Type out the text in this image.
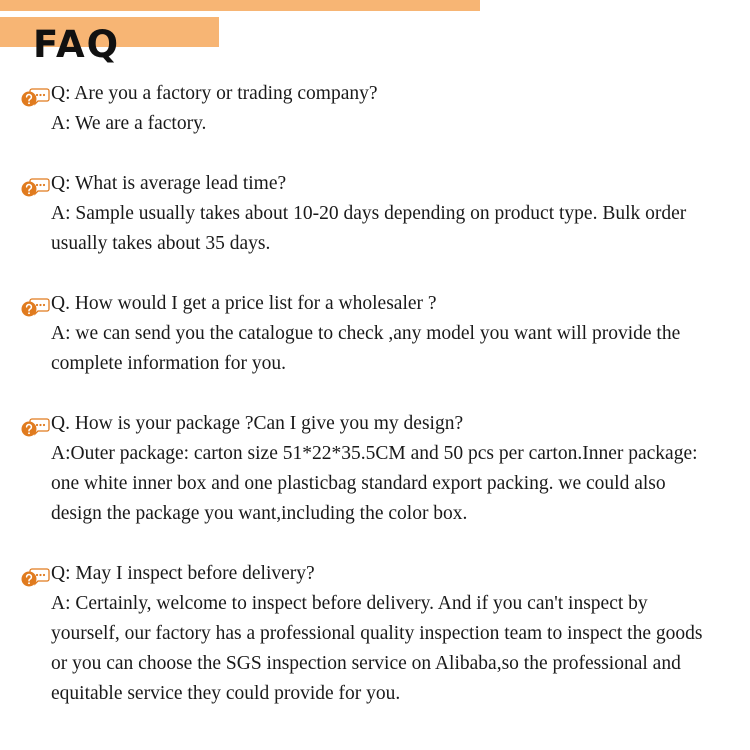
FAQ
Q: Are you a factory or trading company?
A: We are a factory.
Q: What is average lead time?
A: Sample usually takes about 10-20 days depending on product type. Bulk order usually takes about 35 days.
Q. How would I get a price list for a wholesaler ?
A: we can send you the catalogue to check ,any model you want will provide the complete information for you.
Q. How is your package ?Can I give you my design?
A:Outer package: carton size 51*22*35.5CM and 50 pcs per carton.Inner package: one white inner box and one plasticbag standard export packing. we could also design the package you want,including the color box.
Q: May I inspect before delivery?
A: Certainly, welcome to inspect before delivery. And if you can't inspect by yourself, our factory has a professional quality inspection team to inspect the goods or you can choose the SGS inspection service on Alibaba,so the professional and equitable service they could provide for you.
